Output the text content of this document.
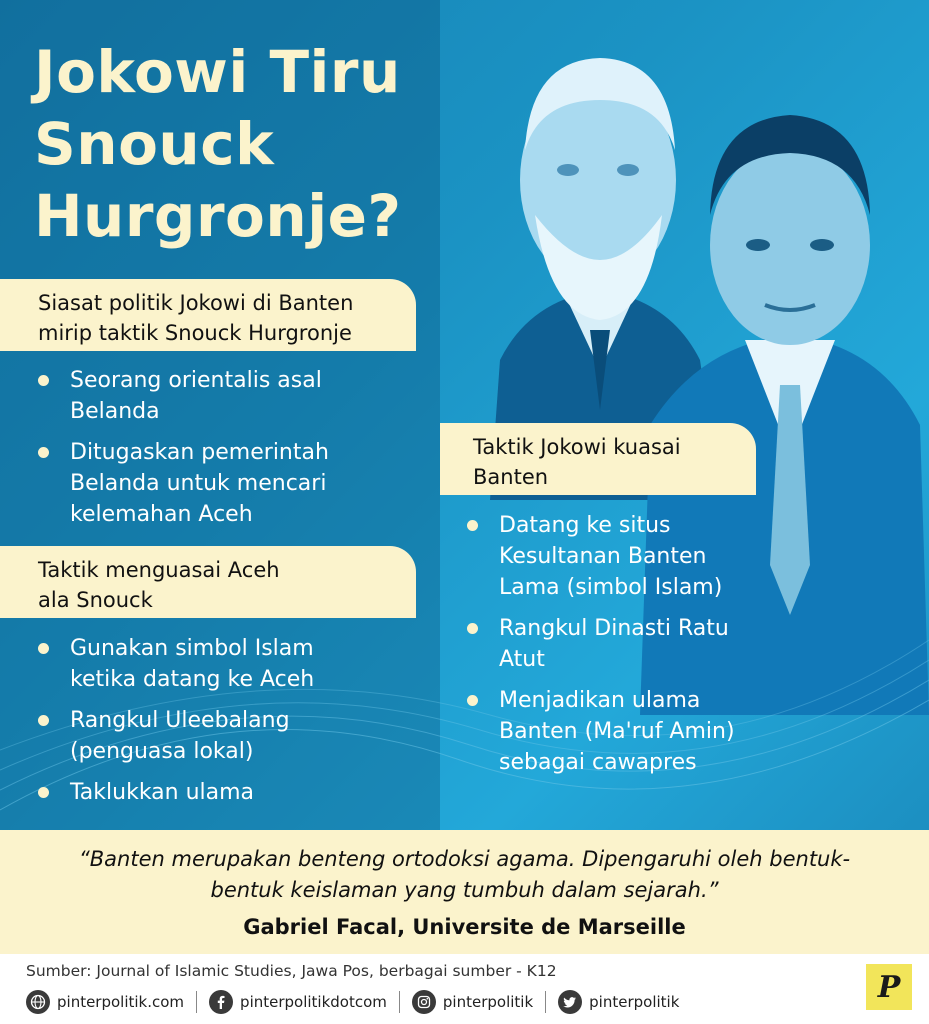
Jokowi Tiru
Snouck
Hurgronje?
Siasat politik Jokowi di Banten
mirip taktik Snouck Hurgronje
Seorang orientalis asal Belanda
Ditugaskan pemerintah Belanda untuk mencari kelemahan Aceh
Taktik menguasai Aceh
ala Snouck
Gunakan simbol Islam ketika datang ke Aceh
Rangkul Uleebalang (penguasa lokal)
Taklukkan ulama
Taktik Jokowi kuasai
Banten
Datang ke situs Kesultanan Banten Lama (simbol Islam)
Rangkul Dinasti Ratu Atut
Menjadikan ulama Banten (Ma'ruf Amin) sebagai cawapres
“Banten merupakan benteng ortodoksi agama. Dipengaruhi oleh bentuk-bentuk keislaman yang tumbuh dalam sejarah.”
Gabriel Facal, Universite de Marseille
Sumber: Journal of Islamic Studies, Jawa Pos, berbagai sumber - K12
pinterpolitik.com	pinterpolitikdotcom	pinterpolitik	pinterpolitik	P
